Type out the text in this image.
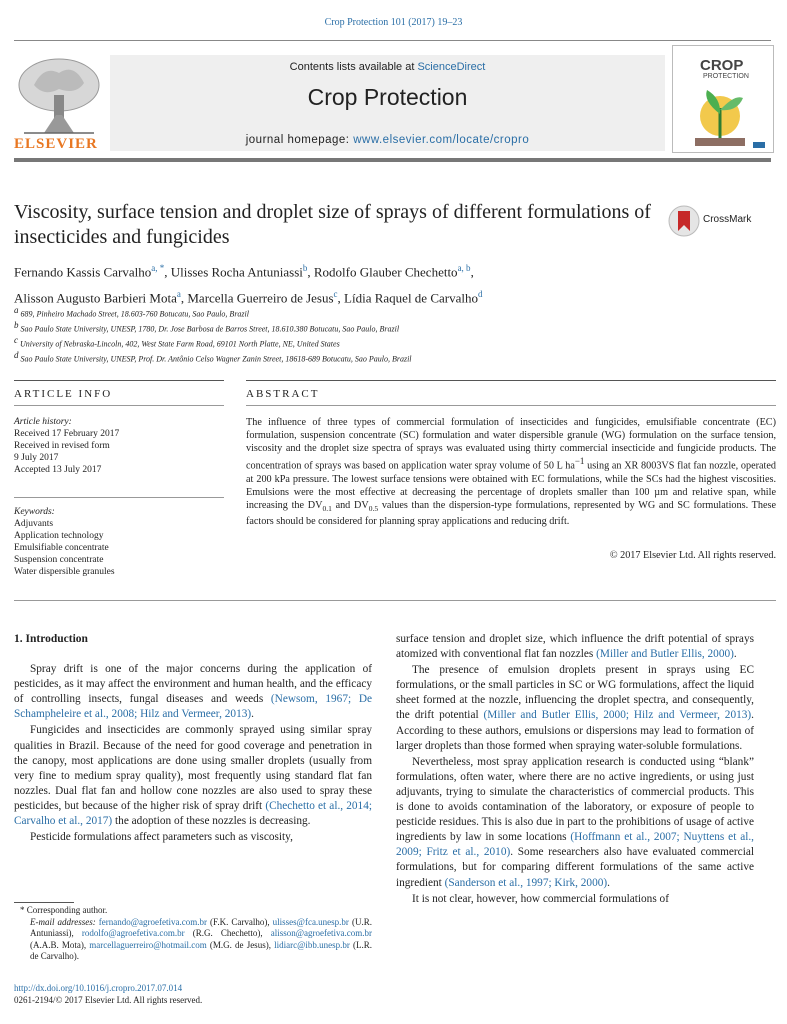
Crop Protection 101 (2017) 19–23
ELSEVIER
Contents lists available at ScienceDirect
Crop Protection
journal homepage: www.elsevier.com/locate/cropro
CROP
PROTECTION
Viscosity, surface tension and droplet size of sprays of different formulations of insecticides and fungicides
CrossMark
Fernando Kassis Carvalho$^{a, *}$, Ulisses Rocha Antuniassi$^b$, Rodolfo Glauber Chechetto$^{a, b}$,
Alisson Augusto Barbieri Mota$^a$, Marcella Guerreiro de Jesus$^c$, Lídia Raquel de Carvalho$^d$
$^a$ 689, Pinheiro Machado Street, 18.603-760 Botucatu, Sao Paulo, Brazil
$^b$ Sao Paulo State University, UNESP, 1780, Dr. Jose Barbosa de Barros Street, 18.610.380 Botucatu, Sao Paulo, Brazil
$^c$ University of Nebraska-Lincoln, 402, West State Farm Road, 69101 North Platte, NE, United States
$^d$ Sao Paulo State University, UNESP, Prof. Dr. Antônio Celso Wagner Zanin Street, 18618-689 Botucatu, Sao Paulo, Brazil
ARTICLE INFO	ABSTRACT
Article history:
Received 17 February 2017
Received in revised form
9 July 2017
Accepted 13 July 2017
Keywords:
Adjuvants
Application technology
Emulsifiable concentrate
Suspension concentrate
Water dispersible granules
The influence of three types of commercial formulation of insecticides and fungicides, emulsifiable concentrate (EC) formulation, suspension concentrate (SC) formulation and water dispersible granule (WG) formulation on the surface tension, viscosity and the droplet size spectra of sprays was evaluated using thirty commercial insecticide and fungicide products. The concentration of sprays was based on application water spray volume of 50 L $ha^{-1}$ using an XR 8003VS flat fan nozzle, operated at 200 kPa pressure. The lowest surface tensions were obtained with EC formulations, while the SCs had the highest viscosities. Emulsions were the most effective at decreasing the percentage of droplets smaller than 100 µm and relative span, while increasing the $DV_{0.1}$ and $DV_{0.5}$ values than the dispersion-type formulations, represented by WG and SC formulations. These factors should be considered for planning spray applications and reducing drift.
© 2017 Elsevier Ltd. All rights reserved.
1. Introduction

Spray drift is one of the major concerns during the application of pesticides, as it may affect the environment and human health, and the efficacy of controlling insects, fungal diseases and weeds (Newsom, 1967; De Schampheleire et al., 2008; Hilz and Vermeer, 2013).

Fungicides and insecticides are commonly sprayed using similar spray qualities in Brazil. Because of the need for good coverage and penetration in the canopy, most applications are done using smaller droplets (usually from very fine to medium spray quality), most frequently using standard flat fan nozzles. Dual flat fan and hollow cone nozzles are also used to spray these pesticides, but because of the higher risk of spray drift (Chechetto et al., 2014; Carvalho et al., 2017) the adoption of these nozzles is decreasing.

Pesticide formulations affect parameters such as viscosity,

surface tension and droplet size, which influence the drift potential of sprays atomized with conventional flat fan nozzles (Miller and Butler Ellis, 2000).

The presence of emulsion droplets present in sprays using EC formulations, or the small particles in SC or WG formulations, affect the liquid sheet formed at the nozzle, influencing the droplet spectra, and consequently, the drift potential (Miller and Butler Ellis, 2000; Hilz and Vermeer, 2013). According to these authors, emulsions or dispersions may lead to formation of larger droplets than those formed when spraying water-soluble formulations.

Nevertheless, most spray application research is conducted using “blank” formulations, often water, where there are no active ingredients, or using just adjuvants, trying to simulate the characteristics of commercial products. This is done to avoids contamination of the laboratory, or exposure of people to pesticide residues. This is also due in part to the prohibitions of usage of active ingredients by law in some locations (Hoffmann et al., 2007; Nuyttens et al., 2009; Fritz et al., 2010). Some researchers also have evaluated commercial formulations, but for comparing different formulations of the same active ingredient (Sanderson et al., 1997; Kirk, 2000).

It is not clear, however, how commercial formulations of

* Corresponding author.
E-mail addresses: fernando@agroefetiva.com.br (F.K. Carvalho), ulisses@fca.unesp.br (U.R. Antuniassi), rodolfo@agroefetiva.com.br (R.G. Chechetto), alisson@agroefetiva.com.br (A.A.B. Mota), marcellaguerreiro@hotmail.com (M.G. de Jesus), lidiarc@ibb.unesp.br (L.R. de Carvalho).
http://dx.doi.org/10.1016/j.cropro.2017.07.014
0261-2194/© 2017 Elsevier Ltd. All rights reserved.
